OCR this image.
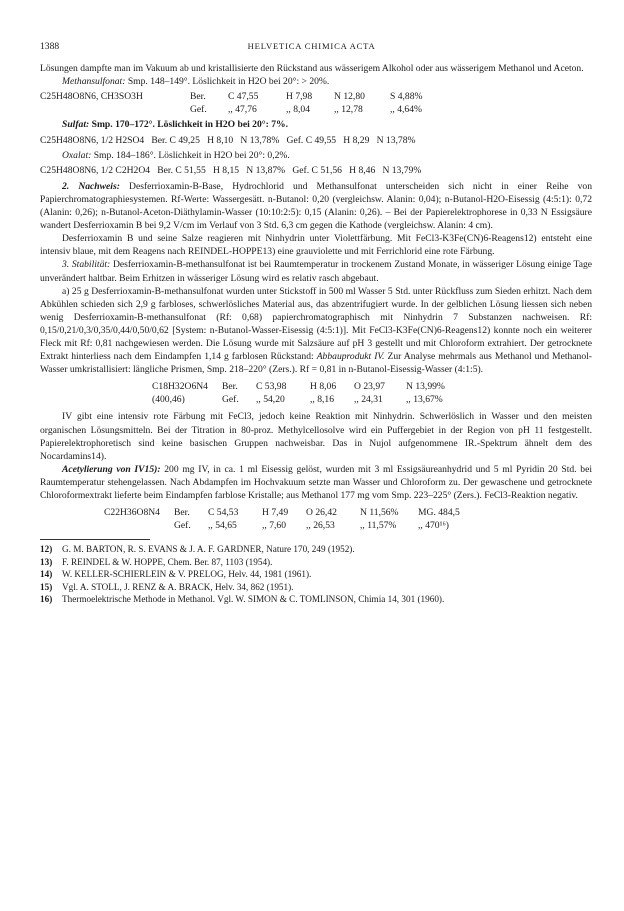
1388	HELVETICA CHIMICA ACTA

Lösungen dampfte man im Vakuum ab und kristallisierte den Rückstand aus wässerigem Alkohol oder aus wässerigem Methanol und Aceton.

Methansulfonat: Smp. 148–149°. Löslichkeit in H2O bei 20°: > 20%.

C25H48O8N6, CH3SO3H	Ber.	C 47,55	H 7,98	N 12,80	S 4,88%
Gef.	,, 47,76	,, 8,04	,, 12,78	,, 4,64%

Sulfat: Smp. 170–172°. Löslichkeit in H2O bei 20°: 7%.

C25H48O8N6, 1/2 H2SO4   Ber. C 49,25   H 8,10   N 13,78%   Gef. C 49,55   H 8,29   N 13,78%

Oxalat: Smp. 184–186°. Löslichkeit in H2O bei 20°: 0,2%.

C25H48O8N6, 1/2 C2H2O4   Ber. C 51,55   H 8,15   N 13,87%   Gef. C 51,56   H 8,46   N 13,79%

2. Nachweis: Desferrioxamin-B-Base, Hydrochlorid und Methansulfonat unterscheiden sich nicht in einer Reihe von Papierchromatographiesystemen. Rf-Werte: Wassergesätt. n-Butanol: 0,20 (vergleichsw. Alanin: 0,04); n-Butanol-H2O-Eisessig (4:5:1): 0,72 (Alanin: 0,26); n-Butanol-Aceton-Diäthylamin-Wasser (10:10:2:5): 0,15 (Alanin: 0,26). – Bei der Papierelektrophorese in 0,33 N Essigsäure wandert Desferrioxamin B bei 9,2 V/cm im Verlauf von 3 Std. 6,3 cm gegen die Kathode (vergleichsw. Alanin: 4 cm).

Desferrioxamin B und seine Salze reagieren mit Ninhydrin unter Violettfärbung. Mit FeCl3-K3Fe(CN)6-Reagens12) entsteht eine intensiv blaue, mit dem Reagens nach REINDEL-HOPPE13) eine grauviolette und mit Ferrichlorid eine rote Färbung.

3. Stabilität: Desferrioxamin-B-methansulfonat ist bei Raumtemperatur in trockenem Zustand Monate, in wässeriger Lösung einige Tage unverändert haltbar. Beim Erhitzen in wässeriger Lösung wird es relativ rasch abgebaut.

a) 25 g Desferrioxamin-B-methansulfonat wurden unter Stickstoff in 500 ml Wasser 5 Std. unter Rückfluss zum Sieden erhitzt. Nach dem Abkühlen schieden sich 2,9 g farbloses, schwerlösliches Material aus, das abzentrifugiert wurde. In der gelblichen Lösung liessen sich neben wenig Desferrioxamin-B-methansulfonat (Rf: 0,68) papierchromatographisch mit Ninhydrin 7 Substanzen nachweisen. Rf: 0,15/0,21/0,3/0,35/0,44/0,50/0,62 [System: n-Butanol-Wasser-Eisessig (4:5:1)]. Mit FeCl3-K3Fe(CN)6-Reagens12) konnte noch ein weiterer Fleck mit Rf: 0,81 nachgewiesen werden. Die Lösung wurde mit Salzsäure auf pH 3 gestellt und mit Chloroform extrahiert. Der getrocknete Extrakt hinterliess nach dem Eindampfen 1,14 g farblosen Rückstand: Abbauprodukt IV. Zur Analyse mehrmals aus Methanol und Methanol-Wasser umkristallisiert: längliche Prismen, Smp. 218–220° (Zers.). Rf = 0,81 in n-Butanol-Eisessig-Wasser (4:1:5).

C18H32O6N4	Ber.	C 53,98	H 8,06	O 23,97	N 13,99%
(400,46)	Gef.	,, 54,20	,, 8,16	,, 24,31	,, 13,67%

IV gibt eine intensiv rote Färbung mit FeCl3, jedoch keine Reaktion mit Ninhydrin. Schwerlöslich in Wasser und den meisten organischen Lösungsmitteln. Bei der Titration in 80-proz. Methylcellosolve wird ein Puffergebiet in der Region von pH 11 festgestellt. Papierelektrophoretisch sind keine basischen Gruppen nachweisbar. Das in Nujol aufgenommene IR.-Spektrum ähnelt dem des Nocardamins14).

Acetylierung von IV15): 200 mg IV, in ca. 1 ml Eisessig gelöst, wurden mit 3 ml Essigsäureanhydrid und 5 ml Pyridin 20 Std. bei Raumtemperatur stehengelassen. Nach Abdampfen im Hochvakuum setzte man Wasser und Chloroform zu. Der gewaschene und getrocknete Chloroformextrakt lieferte beim Eindampfen farblose Kristalle; aus Methanol 177 mg vom Smp. 223–225° (Zers.). FeCl3-Reaktion negativ.

C22H36O8N4	Ber.	C 54,53	H 7,49	O 26,42	N 11,56%	MG. 484,5
Gef.	,, 54,65	,, 7,60	,, 26,53	,, 11,57%	,, 470¹⁶)
12)	G. M. BARTON, R. S. EVANS & J. A. F. GARDNER, Nature 170, 249 (1952).
13)	F. REINDEL & W. HOPPE, Chem. Ber. 87, 1103 (1954).
14)	W. KELLER-SCHIERLEIN & V. PRELOG, Helv. 44, 1981 (1961).
15)	Vgl. A. STOLL, J. RENZ & A. BRACK, Helv. 34, 862 (1951).
16)	Thermoelektrische Methode in Methanol. Vgl. W. SIMON & C. TOMLINSON, Chimia 14, 301 (1960).
